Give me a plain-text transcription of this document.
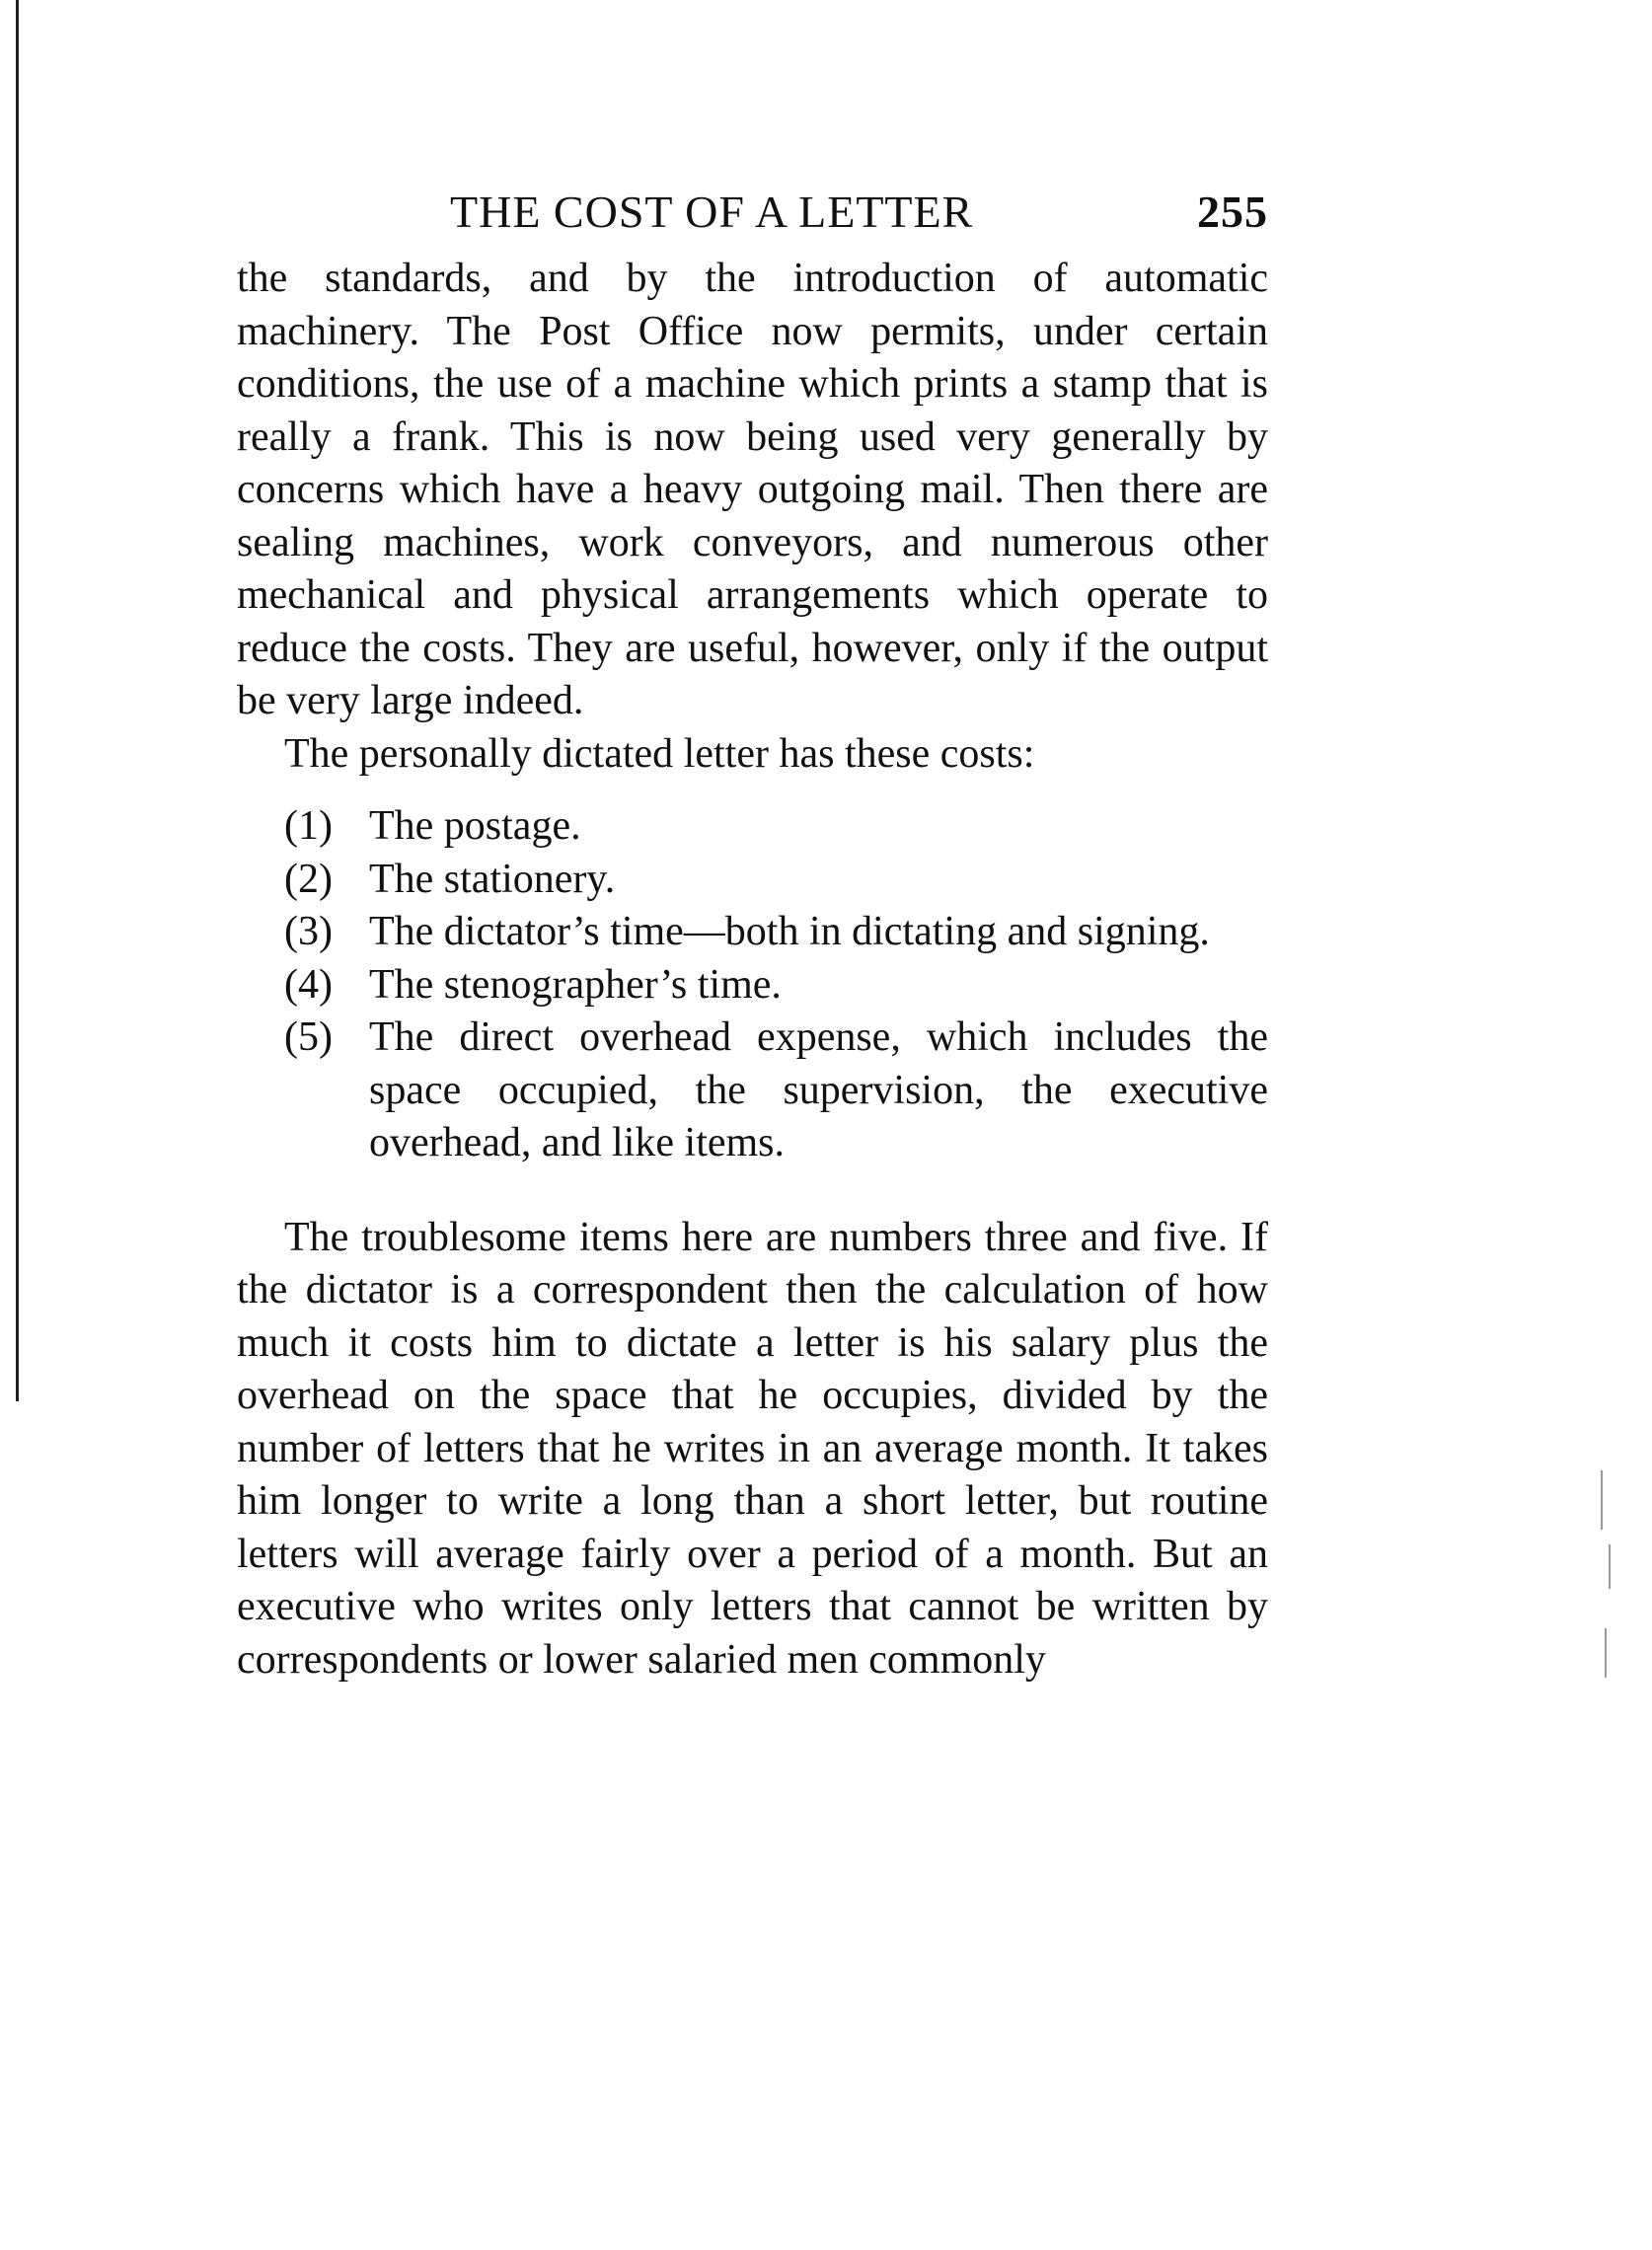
THE COST OF A LETTER	255

the standards, and by the introduction of automatic machinery. The Post Office now permits, under certain conditions, the use of a machine which prints a stamp that is really a frank. This is now being used very generally by concerns which have a heavy outgoing mail. Then there are sealing machines, work conveyors, and numerous other mechanical and physical arrangements which operate to reduce the costs. They are useful, however, only if the output be very large indeed.

The personally dictated letter has these costs:

(1) The postage.
(2) The stationery.
(3) The dictator’s time—both in dictating and signing.
(4) The stenographer’s time.
(5) The direct overhead expense, which includes the space occupied, the supervision, the executive overhead, and like items.

The troublesome items here are numbers three and five. If the dictator is a correspondent then the calculation of how much it costs him to dictate a letter is his salary plus the overhead on the space that he occupies, divided by the number of letters that he writes in an average month. It takes him longer to write a long than a short letter, but routine letters will average fairly over a period of a month. But an executive who writes only letters that cannot be written by correspondents or lower salaried men commonly
